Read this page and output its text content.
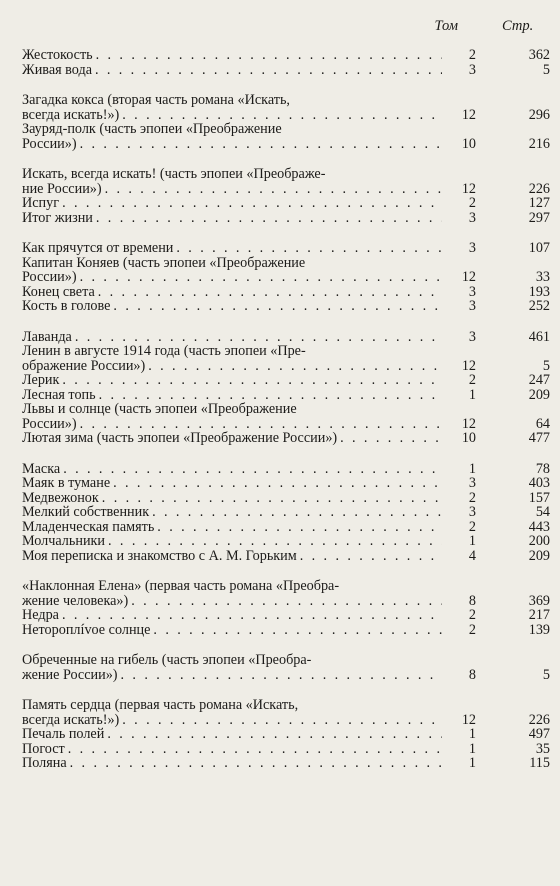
Том	Стр.
Жестокость . . .	2	362
Живая вода . . .	3	5
Загадка кокса (вторая часть романа «Искать,
всегда искать!») . . .	12	296
Зауряд-полк (часть эпопеи «Преображение
России») . . .	10	216
Искать, всегда искать! (часть эпопеи «Преображе-
ние России») . . .	12	226
Испуг . . .	2	127
Итог жизни . . .	3	297
Как прячутся от времени . . .	3	107
Капитан Коняев (часть эпопеи «Преображение
России») . . .	12	33
Конец света . . .	3	193
Кость в голове . . .	3	252
Лаванда . . .	3	461
Ленин в августе 1914 года (часть эпопеи «Пре-
ображение России») . . .	12	5
Лерик . . .	2	247
Лесная топь . . .	1	209
Львы и солнце (часть эпопеи «Преображение
России») . . .	12	64
Лютая зима (часть эпопеи «Преображение России») . . .	10	477
Маска . . .	1	78
Маяк в тумане . . .	3	403
Медвежонок . . .	2	157
Мелкий собственник . . .	3	54
Младенческая память . . .	2	443
Молчальники . . .	1	200
Моя переписка и знакомство с А. М. Горьким . . .	4	209
«Наклонная Елена» (первая часть романа «Преобра-
жение человека») . . .	8	369
Недра . . .	2	217
Нетороплívое солнце . . .	2	139
Обреченные на гибель (часть эпопеи «Преобра-
жение России») . . .	8	5
Память сердца (первая часть романа «Искать,
всегда искать!») . . .	12	226
Печаль полей . . .	1	497
Погост . . .	1	35
Поляна . . .	1	115
